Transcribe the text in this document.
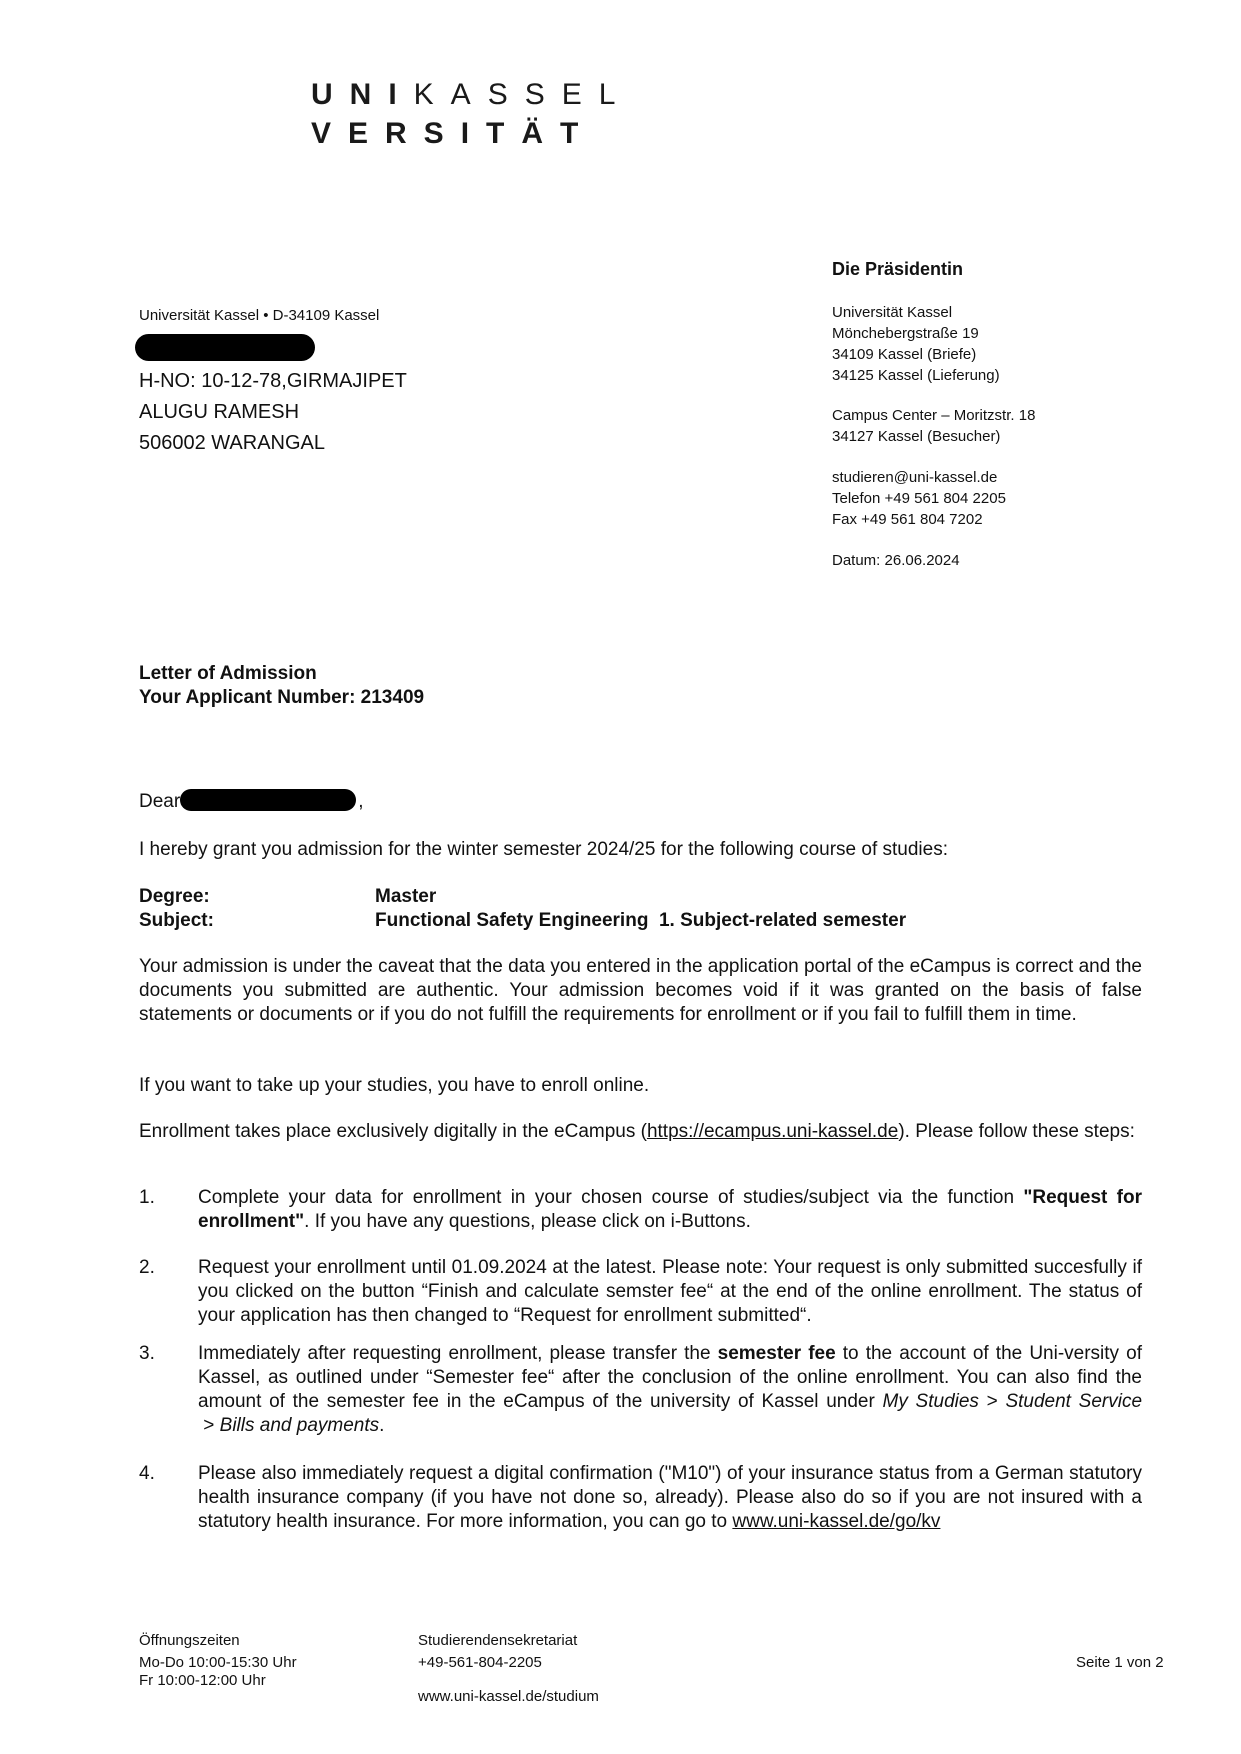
UNIKASSEL
VERSITÄT
Universität Kassel • D-34109 Kassel
H-NO: 10-12-78,GIRMAJIPET
ALUGU RAMESH
506002 WARANGAL
Die Präsidentin
Universität Kassel
Mönchebergstraße 19
34109 Kassel (Briefe)
34125 Kassel (Lieferung)
Campus Center – Moritzstr. 18
34127 Kassel (Besucher)
studieren@uni-kassel.de
Telefon +49 561 804 2205
Fax +49 561 804 7202
Datum: 26.06.2024
Letter of Admission
Your Applicant Number: 213409
Dear	,
I hereby grant you admission for the winter semester 2024/25 for the following course of studies:
Degree:	Master
Subject:	Functional Safety Engineering  1. Subject-related semester
Your admission is under the caveat that the data you entered in the application portal of the eCampus is correct and the documents you submitted are authentic. Your admission becomes void if it was granted on the basis of false statements or documents or if you do not fulfill the requirements for enrollment or if you fail to fulfill them in time.
If you want to take up your studies, you have to enroll online.
Enrollment takes place exclusively digitally in the eCampus (https://ecampus.uni-kassel.de). Please follow these steps:
1. Complete your data for enrollment in your chosen course of studies/subject via the function "Request for enrollment". If you have any questions, please click on i-Buttons.
2. Request your enrollment until 01.09.2024 at the latest. Please note: Your request is only submitted succesfully if you clicked on the button “Finish and calculate semster fee“ at the end of the online enrollment. The status of your application has then changed to “Request for enrollment submitted“.
3. Immediately after requesting enrollment, please transfer the semester fee to the account of the Uni-versity of Kassel, as outlined under “Semester fee“ after the conclusion of the online enrollment. You can also find the amount of the semester fee in the eCampus of the university of Kassel under My Studies > Student Service > Bills and payments.
4. Please also immediately request a digital confirmation ("M10") of your insurance status from a German statutory health insurance company (if you have not done so, already). Please also do so if you are not insured with a statutory health insurance. For more information, you can go to www.uni-kassel.de/go/kv
Öffnungszeiten
Mo-Do 10:00-15:30 Uhr
Fr 10:00-12:00 Uhr
Studierendensekretariat
+49-561-804-2205
www.uni-kassel.de/studium
Seite 1 von 2
